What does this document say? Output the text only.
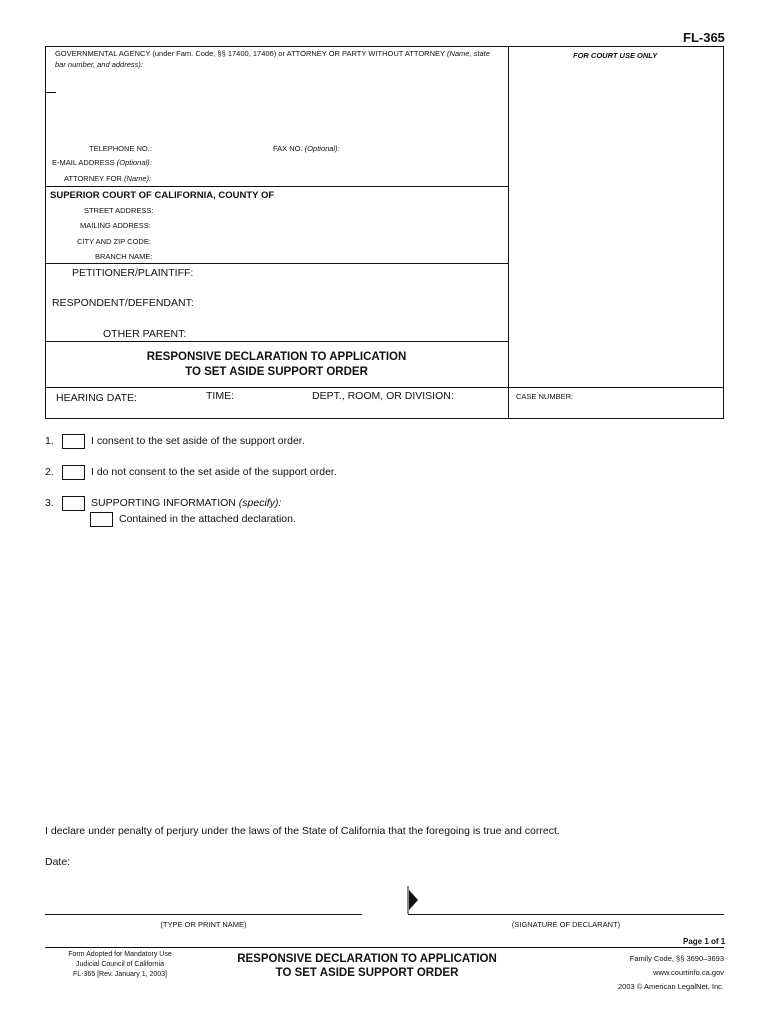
FL-365
GOVERNMENTAL AGENCY (under Fam. Code, §§ 17400, 17406) or ATTORNEY OR PARTY WITHOUT ATTORNEY (Name, state
bar number, and address):
FOR COURT USE ONLY
TELEPHONE NO.:	FAX NO. (Optional):
E-MAIL ADDRESS (Optional):
ATTORNEY FOR (Name):
SUPERIOR COURT OF CALIFORNIA, COUNTY OF
STREET ADDRESS:
MAILING ADDRESS:
CITY AND ZIP CODE:
BRANCH NAME:
PETITIONER/PLAINTIFF:
RESPONDENT/DEFENDANT:
OTHER PARENT:
RESPONSIVE DECLARATION TO APPLICATION
TO SET ASIDE SUPPORT ORDER
HEARING DATE:	TIME:	DEPT., ROOM, OR DIVISION:	CASE NUMBER:
1.	I consent to the set aside of the support order.
2.	I do not consent to the set aside of the support order.
3.	SUPPORTING INFORMATION (specify):
Contained in the attached declaration.
I declare under penalty of perjury under the laws of the State of California that the foregoing is true and correct.
Date:
(TYPE OR PRINT NAME)	(SIGNATURE OF DECLARANT)
Page 1 of 1
Form Adopted for Mandatory Use
Judicial Council of California
FL-365 [Rev. January 1, 2003]
RESPONSIVE DECLARATION TO APPLICATION
TO SET ASIDE SUPPORT ORDER
Family Code, §§ 3690–3693
www.courtinfo.ca.gov
2003 © American LegalNet, Inc.
